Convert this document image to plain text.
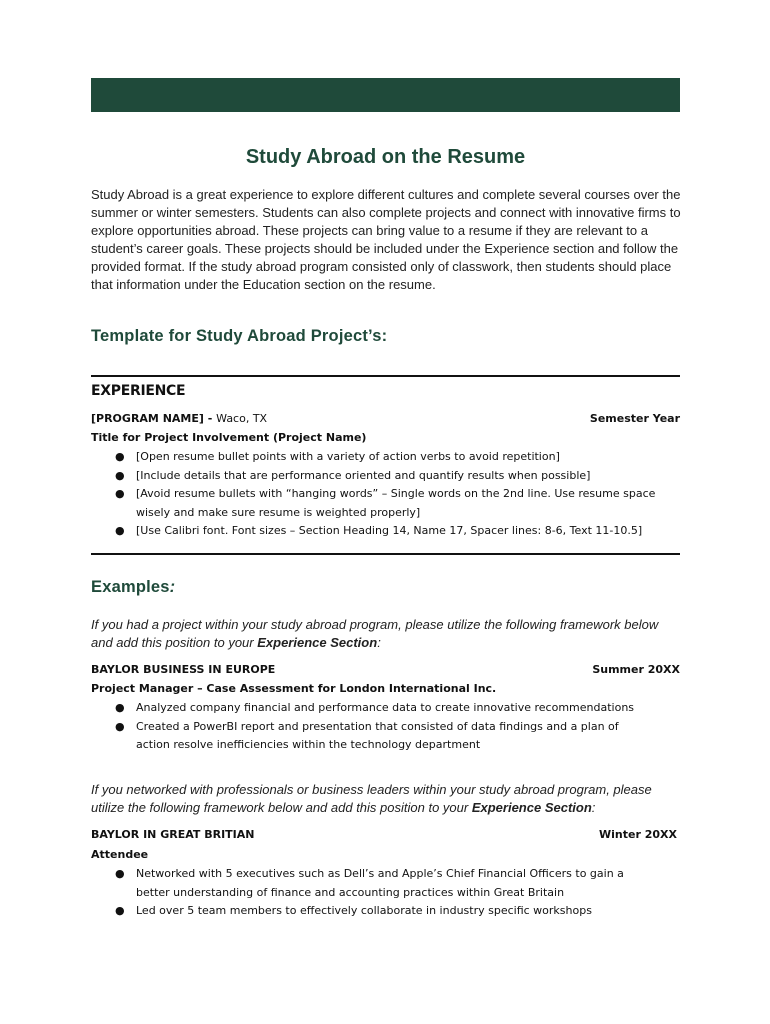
Study Abroad on the Resume
Study Abroad is a great experience to explore different cultures and complete several courses over the summer or winter semesters. Students can also complete projects and connect with innovative firms to explore opportunities abroad. These projects can bring value to a resume if they are relevant to a student’s career goals. These projects should be included under the Experience section and follow the provided format. If the study abroad program consisted only of classwork, then students should place that information under the Education section on the resume.
Template for Study Abroad Project’s:
EXPERIENCE
[PROGRAM NAME] - Waco, TX	Semester Year
Title for Project Involvement (Project Name)
● [Open resume bullet points with a variety of action verbs to avoid repetition]
● [Include details that are performance oriented and quantify results when possible]
● [Avoid resume bullets with “hanging words” – Single words on the 2nd line. Use resume space wisely and make sure resume is weighted properly]
● [Use Calibri font. Font sizes – Section Heading 14, Name 17, Spacer lines: 8-6, Text 11-10.5]
Examples:
If you had a project within your study abroad program, please utilize the following framework below and add this position to your Experience Section:
BAYLOR BUSINESS IN EUROPE	Summer 20XX
Project Manager – Case Assessment for London International Inc.
● Analyzed company financial and performance data to create innovative recommendations
● Created a PowerBI report and presentation that consisted of data findings and a plan of action resolve inefficiencies within the technology department
If you networked with professionals or business leaders within your study abroad program, please utilize the following framework below and add this position to your Experience Section:
BAYLOR IN GREAT BRITIAN	Winter 20XX
Attendee
● Networked with 5 executives such as Dell’s and Apple’s Chief Financial Officers to gain a better understanding of finance and accounting practices within Great Britain
● Led over 5 team members to effectively collaborate in industry specific workshops
